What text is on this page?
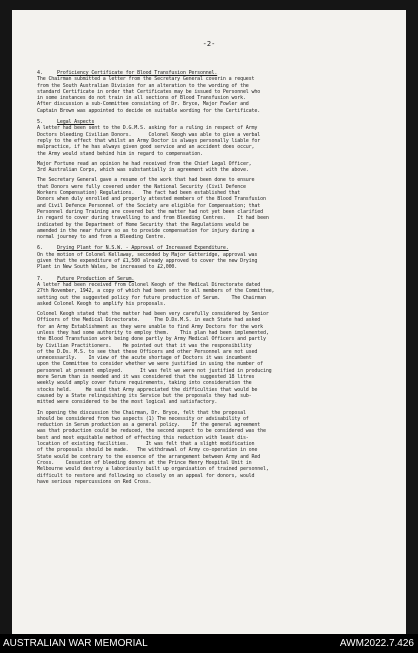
-2-
4.	Proficiency Certificate for Blood Transfusion Personnel.
The Chairman submitted a letter from the Secretary General coverin a request
from the South Australian Division for an alteration to the wording of the
standard Certificate in order that Certificates may be issued to Personnel who
in some instances do not train in all sections of Blood Transfusion work.
After discussion a sub-Committee consisting of Dr. Bryce, Major Fowler and
Captain Brown was appointed to decide on suitable wording for the Certificate.
5.	Legal Aspects
A letter had been sent to the D.G.M.S. asking for a ruling in respect of Army
Doctors bleeding Civilian Donors.      Colonel Keogh was able to give a verbal
reply to the effect that whilst an Army Doctor is always personally liable for
malpractice, if he has always given good service and an accident does occur,
the Army would stand behind him in regard to compensation.
Major Fortune read an opinion he had received from the Chief Legal Officer,
3rd Australian Corps, which was substantially in agreement with the above.
The Secretary General gave a resume of the work that had been done to ensure
that Donors were fully covered under the National Security (Civil Defence
Workers Compensation) Regulations.   The fact had been established that
Donors when duly enrolled and properly attested members of the Blood Transfusion
and Civil Defence Personnel of the Society are eligible for Compensation; that
Personnel during Training are covered but the matter had not yet been clarified
in regard to cover during travelling to and from Bleeding Centres.    It had been
indicated by the Department of Home Security that the Regulations would be
amended in the near future so as to provide compensation for injury during a
normal journey to and from a Bleeding Centre.
6.	Drying Plant for N.S.W. - Approval of Increased Expenditure.
On the motion of Colonel Kellaway, seconded by Major Gutteridge, approval was
given that the expenditure of £1,500 already approved to cover the new Drying
Plant in New South Wales, be increased to £2,000.
7.	Future Production of Serum.
A letter had been received from Colonel Keogh of the Medical Directorate dated
27th November, 1942, a copy of which had been sent to all members of the Committee,
setting out the suggested policy for future production of Serum.    The Chairman
asked Colonel Keogh to amplify his proposals.
Colonel Keogh stated that the matter had been very carefully considered by Senior
Officers of the Medical Directorate.     The D.Ds.M.S. in each State had asked
for an Army Establishment as they were unable to find Army Doctors for the work
unless they had some authority to employ them.    This plan had been implemented,
the Blood Transfusion work being done partly by Army Medical Officers and partly
by Civilian Practitioners.    He pointed out that it was the responsibility
of the D.Ds. M.S. to see that these Officers and other Personnel are not used
unnecessarily.    In view of the acute shortage of Doctors it was incumbent
upon the Committee to consider whether we were justified in using the number of
personnel at present employed.      It was felt we were not justified in producing
more Serum than is needed and it was considered that the suggested 18 litres
weekly would amply cover future requirements, taking into consideration the
stocks held.     He said that Army appreciated the difficulties that would be
caused by a State relinquishing its Service but the proposals they had sub-
mitted were considered to be the most logical and satisfactory.
In opening the discussion the Chairman, Dr. Bryce, felt that the proposal
should be considered from two aspects (1) The necessity or advisability of
reduction in Serum production as a general policy.    If the general agreement
was that production could be reduced, the second aspect to be considered was the
best and most equitable method of effecting this reduction with least dis-
location of existing facilities.      It was felt that a slight modification
of the proposals should be made.   The withdrawal of Army co-operation in one
State would be contrary to the essence of the arrangement between Army and Red
Cross.    Cessation of bleeding donors at the Prince Henry Hospital Unit in
Melbourne would destroy a laboriously built up organisation of trained personnel,
difficult to restore and following so closely on an appeal for donors, would
have serious repercussions on Red Cross.
AUSTRALIAN WAR MEMORIAL	AWM2022.7.426
